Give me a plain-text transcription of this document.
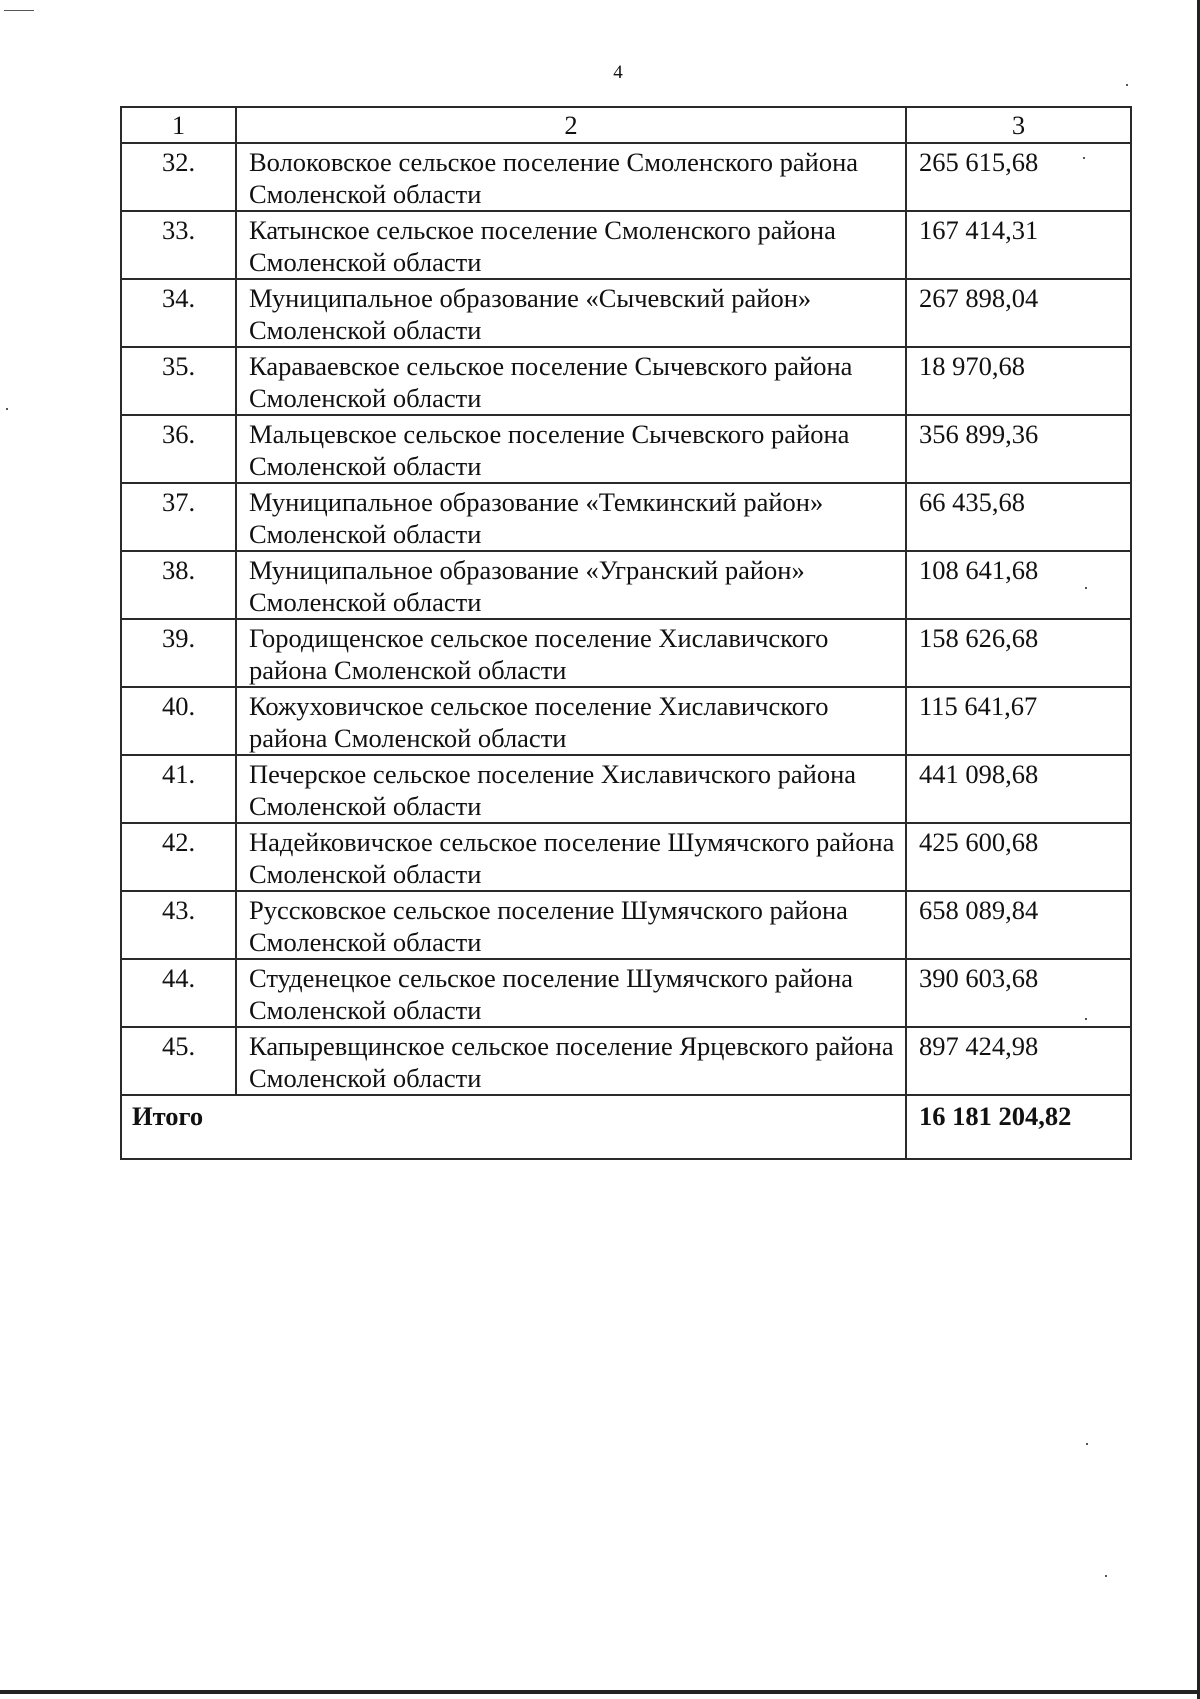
4
1	2	3
32.	Волоковское сельское поселение Смоленского района Смоленской области	265 615,68
33.	Катынское сельское поселение Смоленского района Смоленской области	167 414,31
34.	Муниципальное образование «Сычевский район» Смоленской области	267 898,04
35.	Караваевское сельское поселение Сычевского района Смоленской области	18 970,68
36.	Мальцевское сельское поселение Сычевского района Смоленской области	356 899,36
37.	Муниципальное образование «Темкинский район» Смоленской области	66 435,68
38.	Муниципальное образование «Угранский район» Смоленской области	108 641,68
39.	Городищенское сельское поселение Хиславичского района Смоленской области	158 626,68
40.	Кожуховичское сельское поселение Хиславичского района Смоленской области	115 641,67
41.	Печерское сельское поселение Хиславичского района Смоленской области	441 098,68
42.	Надейковичское сельское поселение Шумячского района Смоленской области	425 600,68
43.	Руссковское сельское поселение Шумячского района Смоленской области	658 089,84
44.	Студенецкое сельское поселение Шумячского района Смоленской области	390 603,68
45.	Капыревщинское сельское поселение Ярцевского района Смоленской области	897 424,98
Итого		16 181 204,82
